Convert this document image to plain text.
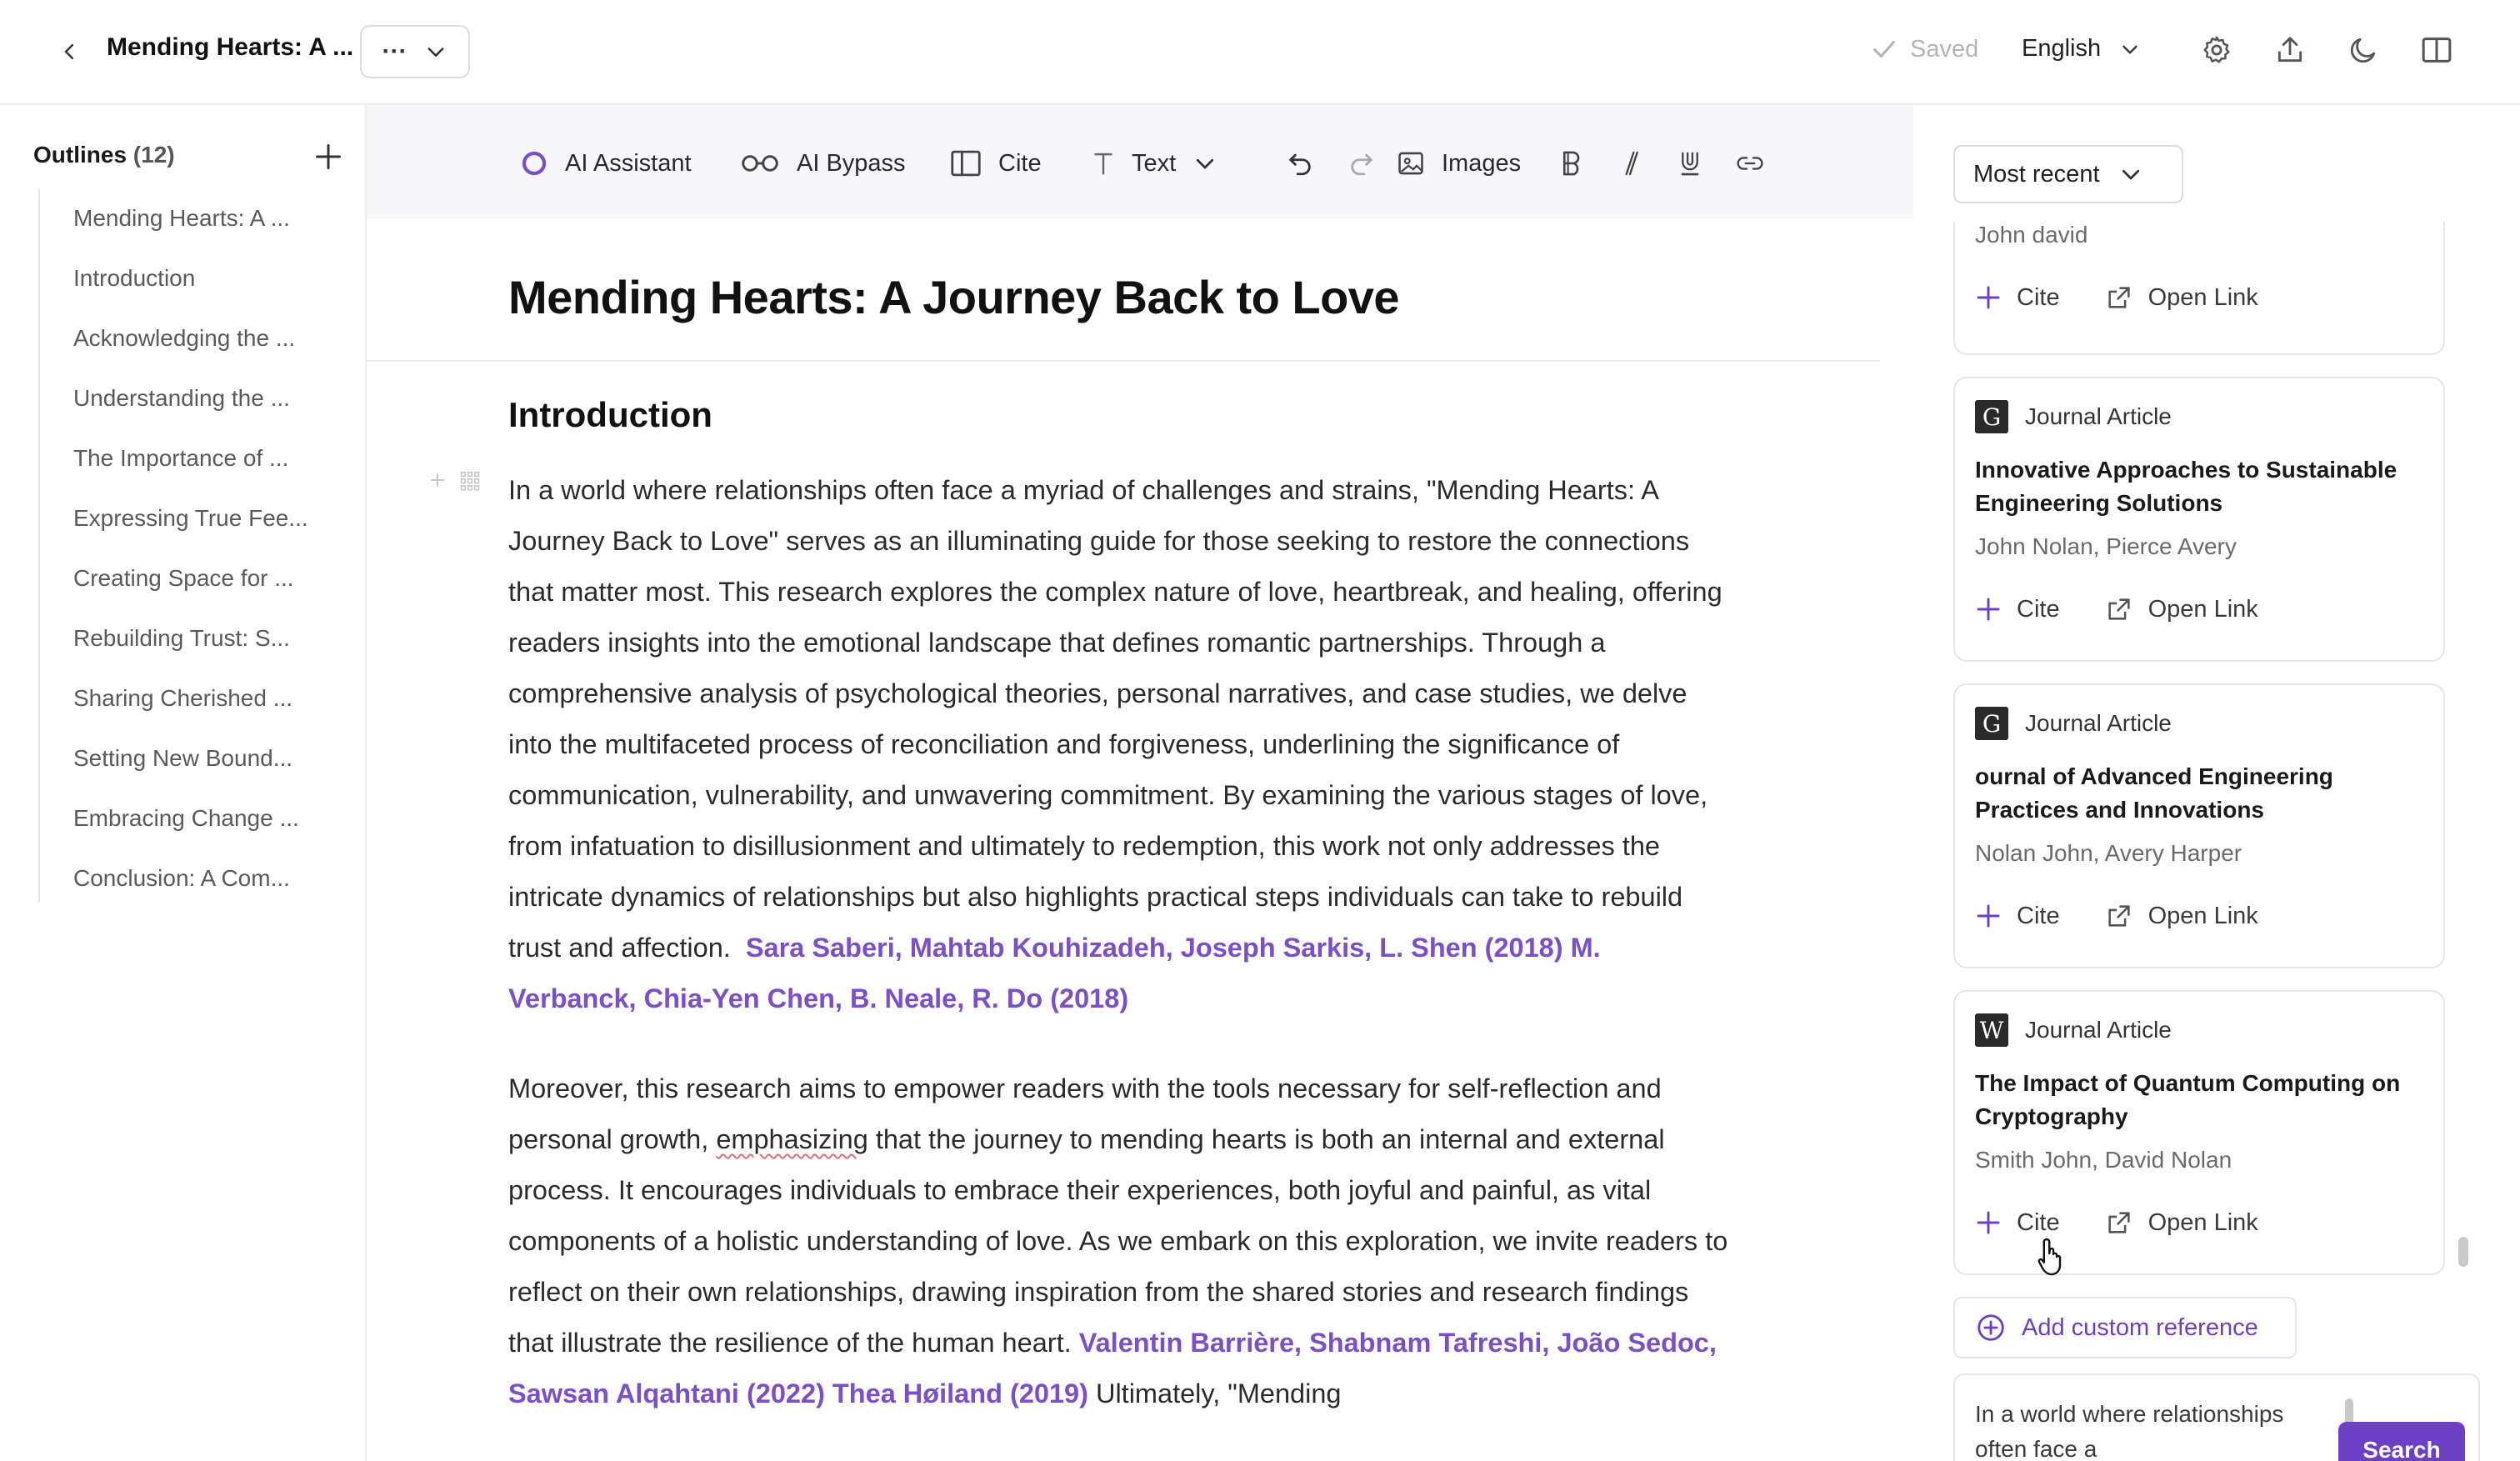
Mending Hearts: A ... ···	Saved English
Outlines (12)
Mending Hearts: A ...
Introduction
Acknowledging the ...
Understanding the ...
The Importance of ...
Expressing True Fee...
Creating Space for ...
Rebuilding Trust: S...
Sharing Cherished ...
Setting New Bound...
Embracing Change ...
Conclusion: A Com...
AI Assistant	AI Bypass	Cite	Text	Images
Mending Hearts: A Journey Back to Love
Introduction

In a world where relationships often face a myriad of challenges and strains, "Mending Hearts: A Journey Back to Love" serves as an illuminating guide for those seeking to restore the connections that matter most. This research explores the complex nature of love, heartbreak, and healing, offering readers insights into the emotional landscape that defines romantic partnerships. Through a comprehensive analysis of psychological theories, personal narratives, and case studies, we delve into the multifaceted process of reconciliation and forgiveness, underlining the significance of communication, vulnerability, and unwavering commitment. By examining the various stages of love, from infatuation to disillusionment and ultimately to redemption, this work not only addresses the intricate dynamics of relationships but also highlights practical steps individuals can take to rebuild trust and affection. Sara Saberi, Mahtab Kouhizadeh, Joseph Sarkis, L. Shen (2018) M. Verbanck, Chia-Yen Chen, B. Neale, R. Do (2018)

Moreover, this research aims to empower readers with the tools necessary for self-reflection and personal growth, emphasizing that the journey to mending hearts is both an internal and external process. It encourages individuals to embrace their experiences, both joyful and painful, as vital components of a holistic understanding of love. As we embark on this exploration, we invite readers to reflect on their own relationships, drawing inspiration from the shared stories and research findings that illustrate the resilience of the human heart. Valentin Barrière, Shabnam Tafreshi, João Sedoc, Sawsan Alqahtani (2022) Thea Høiland (2019) Ultimately, "Mending

Most recent
John david
Cite	Open Link
G	Journal Article
Innovative Approaches to Sustainable Engineering Solutions
John Nolan, Pierce Avery
Cite	Open Link
G	Journal Article
ournal of Advanced Engineering Practices and Innovations
Nolan John, Avery Harper
Cite	Open Link
W Journal Article
The Impact of Quantum Computing on Cryptography
Smith John, David Nolan
Cite	Open Link
Add custom reference
In a world where relationships often face a	Search
